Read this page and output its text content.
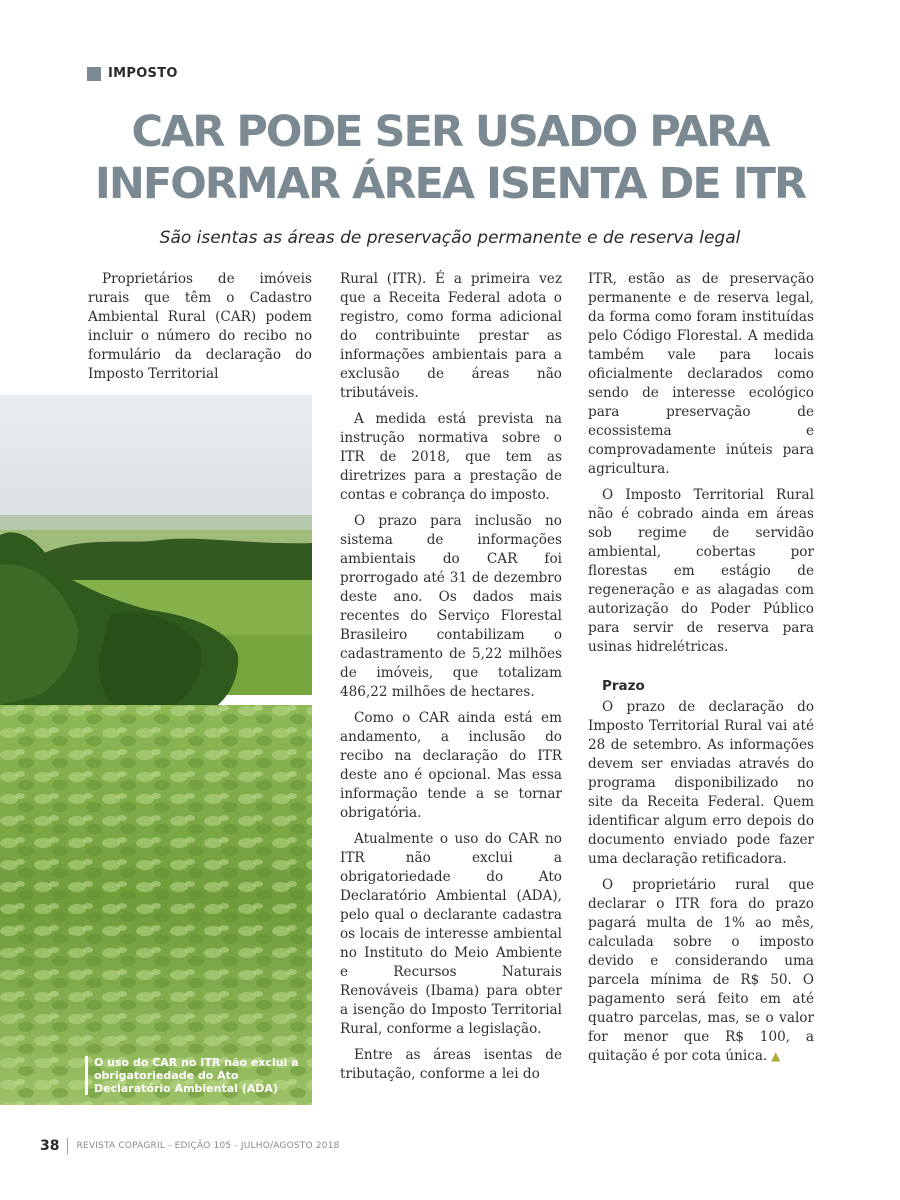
IMPOSTO
CAR PODE SER USADO PARA
INFORMAR ÁREA ISENTA DE ITR
São isentas as áreas de preservação permanente e de reserva legal

Proprietários de imóveis rurais que têm o Cadastro Ambiental Rural (CAR) podem incluir o número do recibo no formulário da declaração do Imposto Territorial

O uso do CAR no ITR não exclui a obrigatoriedade do Ato Declaratório Ambiental (ADA)

Rural (ITR). É a primeira vez que a Receita Federal adota o registro, como forma adicional do contribuinte prestar as informações ambientais para a exclusão de áreas não tributáveis.

A medida está prevista na instrução normativa sobre o ITR de 2018, que tem as diretrizes para a prestação de contas e cobrança do imposto.

O prazo para inclusão no sistema de informações ambientais do CAR foi prorrogado até 31 de dezembro deste ano. Os dados mais recentes do Serviço Florestal Brasileiro contabilizam o cadastramento de 5,22 milhões de imóveis, que totalizam 486,22 milhões de hectares.

Como o CAR ainda está em andamento, a inclusão do recibo na declaração do ITR deste ano é opcional. Mas essa informação tende a se tornar obrigatória.

Atualmente o uso do CAR no ITR não exclui a obrigatoriedade do Ato Declaratório Ambiental (ADA), pelo qual o declarante cadastra os locais de interesse ambiental no Instituto do Meio Ambiente e Recursos Naturais Renováveis (Ibama) para obter a isenção do Imposto Territorial Rural, conforme a legislação.

Entre as áreas isentas de tributação, conforme a lei do

ITR, estão as de preservação permanente e de reserva legal, da forma como foram instituídas pelo Código Florestal. A medida também vale para locais oficialmente declarados como sendo de interesse ecológico para preservação de ecossistema e comprovadamente inúteis para agricultura.

O Imposto Territorial Rural não é cobrado ainda em áreas sob regime de servidão ambiental, cobertas por florestas em estágio de regeneração e as alagadas com autorização do Poder Público para servir de reserva para usinas hidrelétricas.

Prazo

O prazo de declaração do Imposto Territorial Rural vai até 28 de setembro. As informações devem ser enviadas através do programa disponibilizado no site da Receita Federal. Quem identificar algum erro depois do documento enviado pode fazer uma declaração retificadora.

O proprietário rural que declarar o ITR fora do prazo pagará multa de 1% ao mês, calculada sobre o imposto devido e considerando uma parcela mínima de R$ 50. O pagamento será feito em até quatro parcelas, mas, se o valor for menor que R$ 100, a quitação é por cota única. ▲

38 REVISTA COPAGRIL - EDIÇÃO 105 - JULHO/AGOSTO 2018
